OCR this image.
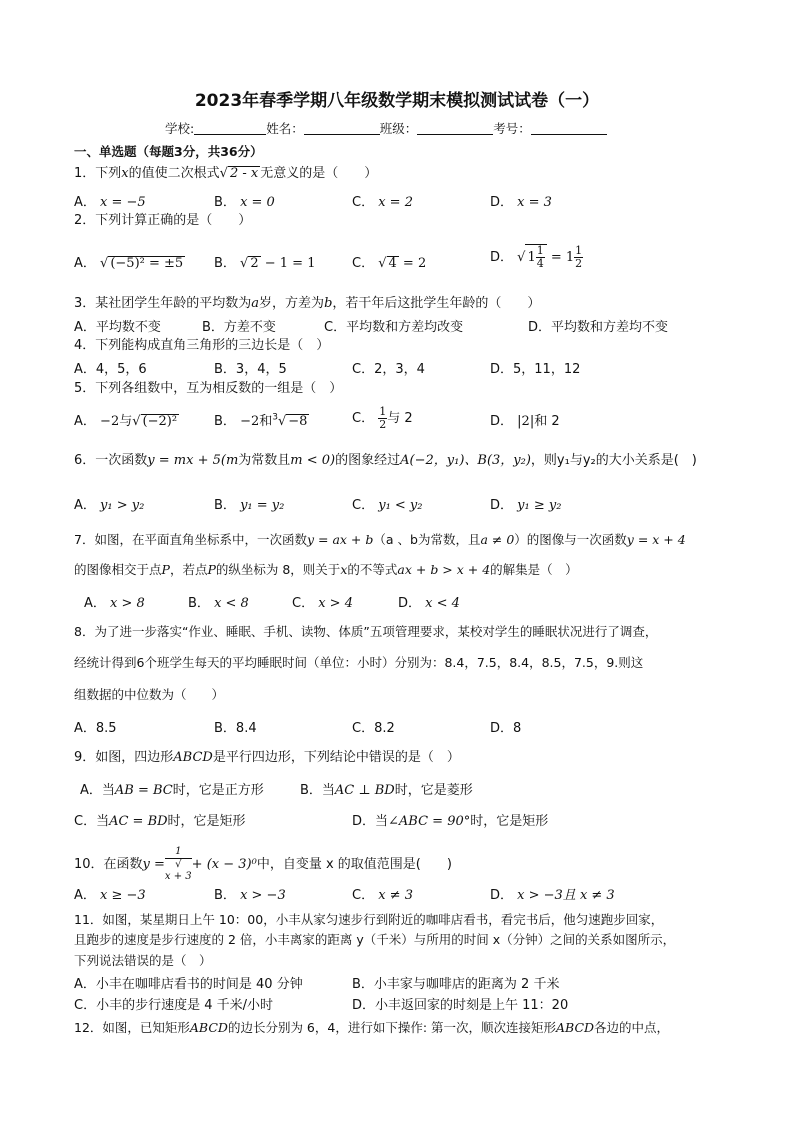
2023年春季学期八年级数学期末模拟测试试卷（一）
学校:	姓名：	班级：	考号：
一、单选题（每题3分，共36分）
1．下列x的值使二次根式√ 2 - x 无意义的是（　　）
A． x = −5	B． x = 0	C． x = 2	D． x = 3
2．下列计算正确的是（　　）
A． √ (−5)² = ±5 B． √ 2 − 1 = 1	C． √ 4 = 2	D． √ $1 \frac{1}{4} = 1 \frac{1}{2}$
3．某社团学生年龄的平均数为a岁，方差为b，若干年后这批学生年龄的（　　）
A．平均数不变	B．方差不变	C．平均数和方差均改变	D．平均数和方差均不变
4．下列能构成直角三角形的三边长是（　）
A．4，5，6	B．3，4，5	C．2，3，4	D．5，11，12
5．下列各组数中，互为相反数的一组是（　）
A． −2与√ (−2)²	B． −2和$^3$√ −8	C． $\frac{1}{2}$ 与 2	D． |2|和 2
6．一次函数y = mx + 5(m为常数且m < 0)的图象经过A(−2，y₁)、B(3，y₂)，则y₁与y₂的大小关系是(　)
A． y₁ > y₂	B． y₁ = y₂	C． y₁ < y₂	D． y₁ ≥ y₂
7．如图，在平面直角坐标系中，一次函数y = ax + b（a 、b为常数，且a ≠ 0）的图像与一次函数y = x + 4
的图像相交于点P，若点P的纵坐标为 8，则关于x的不等式ax + b > x + 4的解集是（　）
A． x > 8	B． x < 8	C． x > 4	D． x < 4
8．为了进一步落实“作业、睡眠、手机、读物、体质”五项管理要求，某校对学生的睡眠状况进行了调查，
经统计得到6个班学生每天的平均睡眠时间（单位：小时）分别为：8.4，7.5，8.4，8.5，7.5，9.则这
组数据的中位数为（　　）
A．8.5	B．8.4	C．8.2	D．8
9．如图，四边形ABCD是平行四边形，下列结论中错误的是（　）
A．当AB = BC时，它是正方形	B．当AC ⊥ BD时，它是菱形
C．当AC = BD时，它是矩形	D．当∠ABC = 90°时，它是矩形
10．在函数y = 1
√
x + 3 + (x − 3)⁰中，自变量 x 的取值范围是(　　)
A． x ≥ −3	B． x > −3	C． x ≠ 3	D． x > −3且 x ≠ 3
11．如图，某星期日上午 10：00，小丰从家匀速步行到附近的咖啡店看书，看完书后，他匀速跑步回家，
且跑步的速度是步行速度的 2 倍，小丰离家的距离 y（千米）与所用的时间 x（分钟）之间的关系如图所示，
下列说法错误的是（　）
A．小丰在咖啡店看书的时间是 40 分钟	B．小丰家与咖啡店的距离为 2 千米
C．小丰的步行速度是 4 千米/小时	D．小丰返回家的时刻是上午 11：20
12．如图，已知矩形ABCD的边长分别为 6，4，进行如下操作: 第一次，顺次连接矩形ABCD各边的中点，
